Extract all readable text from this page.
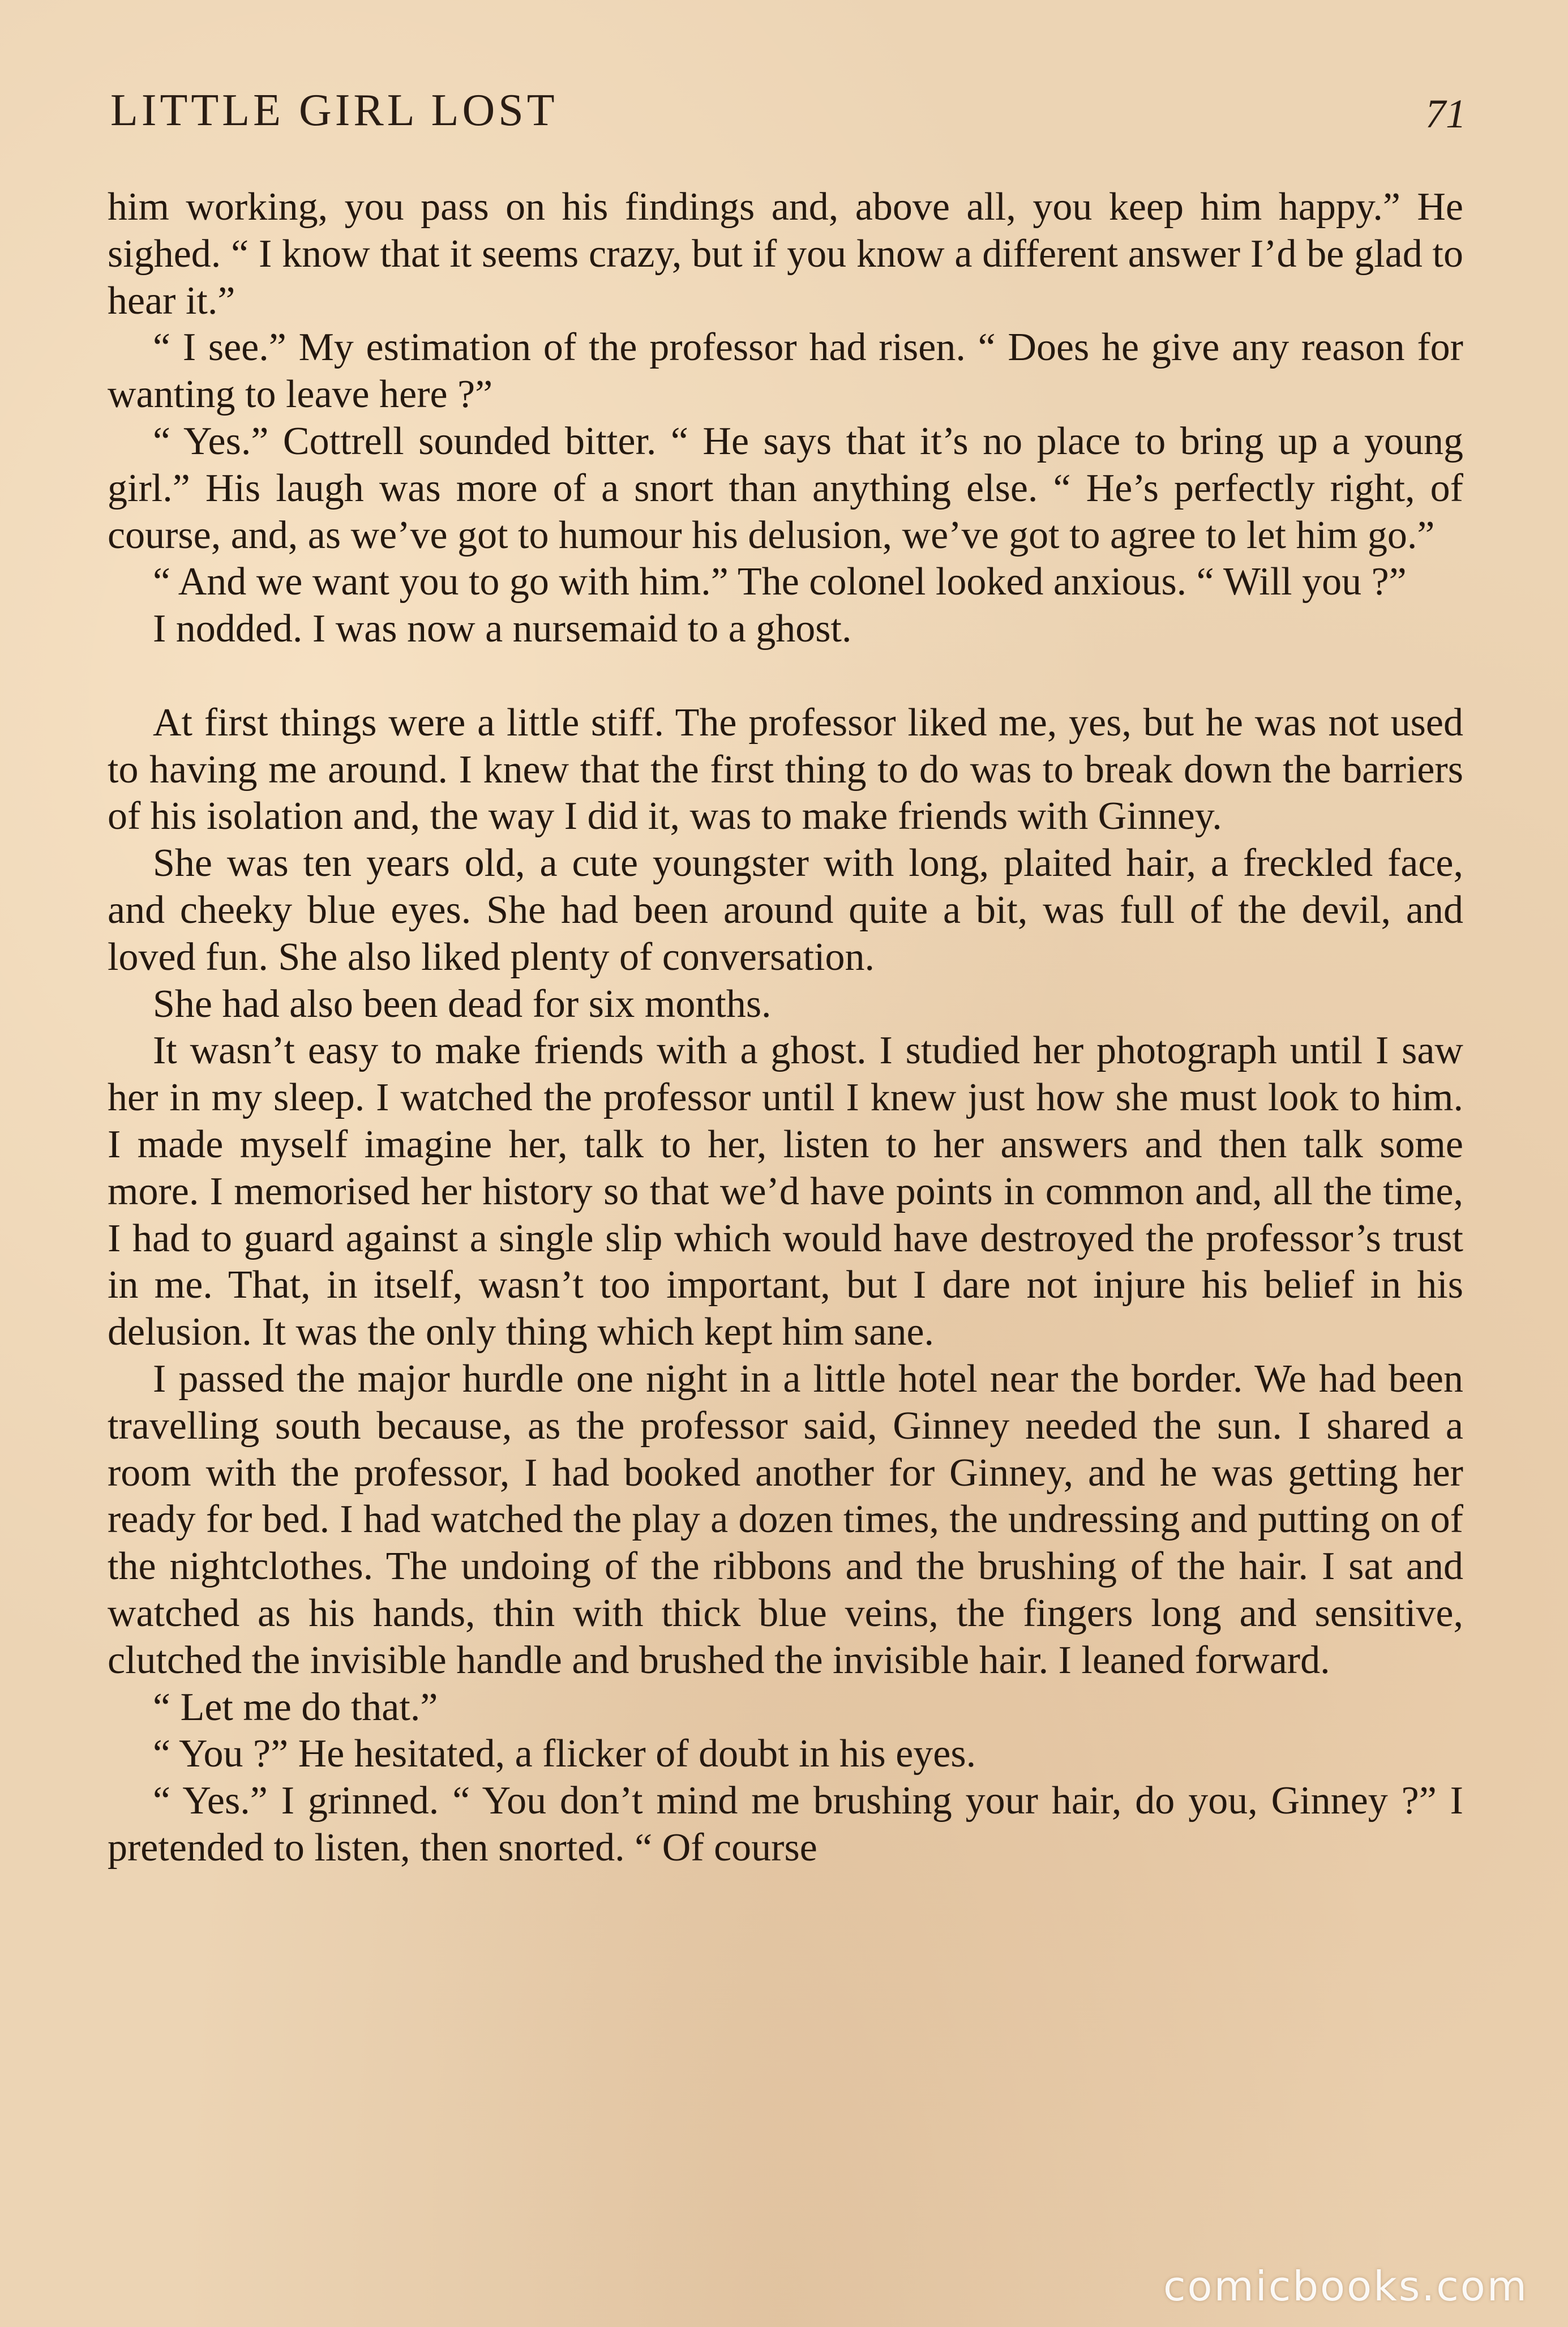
LITTLE GIRL LOST	71

him working, you pass on his findings and, above all, you keep him happy.” He sighed. “ I know that it seems crazy, but if you know a different answer I’d be glad to hear it.”

“ I see.” My estimation of the professor had risen. “ Does he give any reason for wanting to leave here ?”

“ Yes.” Cottrell sounded bitter. “ He says that it’s no place to bring up a young girl.” His laugh was more of a snort than anything else. “ He’s perfectly right, of course, and, as we’ve got to humour his delusion, we’ve got to agree to let him go.”

“ And we want you to go with him.” The colonel looked anxious. “ Will you ?”

I nodded. I was now a nursemaid to a ghost.

At first things were a little stiff. The professor liked me, yes, but he was not used to having me around. I knew that the first thing to do was to break down the barriers of his isolation and, the way I did it, was to make friends with Ginney.

She was ten years old, a cute youngster with long, plaited hair, a freckled face, and cheeky blue eyes. She had been around quite a bit, was full of the devil, and loved fun. She also liked plenty of conversation.

She had also been dead for six months.

It wasn’t easy to make friends with a ghost. I studied her photograph until I saw her in my sleep. I watched the professor until I knew just how she must look to him. I made myself imagine her, talk to her, listen to her answers and then talk some more. I memorised her history so that we’d have points in common and, all the time, I had to guard against a single slip which would have destroyed the professor’s trust in me. That, in itself, wasn’t too important, but I dare not injure his belief in his delusion. It was the only thing which kept him sane.

I passed the major hurdle one night in a little hotel near the border. We had been travelling south because, as the professor said, Ginney needed the sun. I shared a room with the professor, I had booked another for Ginney, and he was getting her ready for bed. I had watched the play a dozen times, the undressing and putting on of the nightclothes. The undoing of the ribbons and the brushing of the hair. I sat and watched as his hands, thin with thick blue veins, the fingers long and sensitive, clutched the invisible handle and brushed the invisible hair. I leaned forward.

“ Let me do that.”

“ You ?” He hesitated, a flicker of doubt in his eyes.

“ Yes.” I grinned. “ You don’t mind me brushing your hair, do you, Ginney ?” I pretended to listen, then snorted. “ Of course

comicbooks.com
